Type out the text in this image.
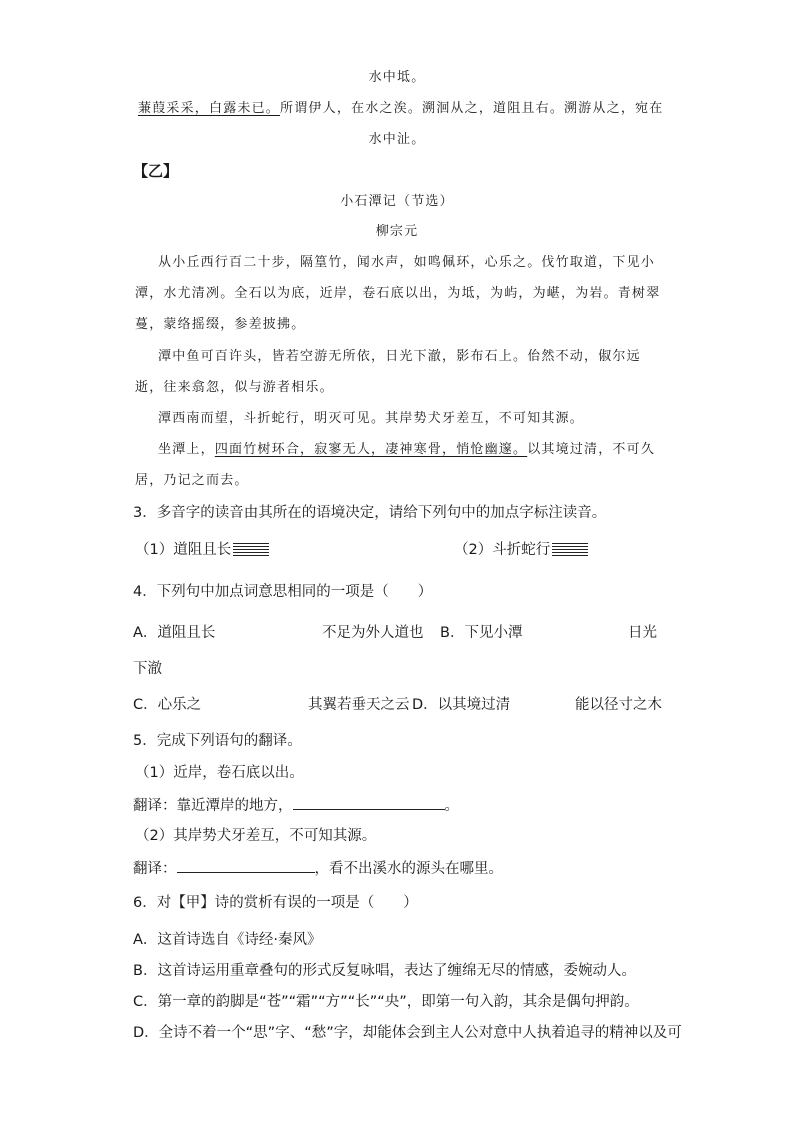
水中坻。
蒹葭采采，白露未已。所谓伊人，在水之涘。溯洄从之，道阻且右。溯游从之，宛在
水中沚。
【乙】
小石潭记（节选）
柳宗元
从小丘西行百二十步，隔篁竹，闻水声，如鸣佩环，心乐之。伐竹取道，下见小
潭，水尤清冽。全石以为底，近岸，卷石底以出，为坻，为屿，为嵁，为岩。青树翠
蔓，蒙络摇缀，参差披拂。
潭中鱼可百许头，皆若空游无所依，日光下澈，影布石上。佁然不动，俶尔远
逝，往来翕忽，似与游者相乐。
潭西南而望，斗折蛇行，明灭可见。其岸势犬牙差互，不可知其源。
坐潭上，四面竹树环合，寂寥无人，凄神寒骨，悄怆幽邃。以其境过清，不可久
居，乃记之而去。
3．多音字的读音由其所在的语境决定，请给下列句中的加点字标注读音。
（1）道阻且长	（2）斗折蛇行
4．下列句中加点词意思相同的一项是（　　）
A．道阻且长	不足为外人道也 B．下见小潭	日光
下澈
C．心乐之	其翼若垂天之云 D．以其境过清	能以径寸之木
5．完成下列语句的翻译。
（1）近岸，卷石底以出。
翻译：靠近潭岸的地方，	。
（2）其岸势犬牙差互，不可知其源。
翻译：	，看不出溪水的源头在哪里。
6．对【甲】诗的赏析有误的一项是（　　）
A．这首诗选自《诗经·秦风》
B．这首诗运用重章叠句的形式反复咏唱，表达了缠绵无尽的情感，委婉动人。
C．第一章的韵脚是“苍”“霜”“方”“长”“央”，即第一句入韵，其余是偶句押韵。
D．全诗不着一个“思”字、“愁”字，却能体会到主人公对意中人执着追寻的精神以及可
